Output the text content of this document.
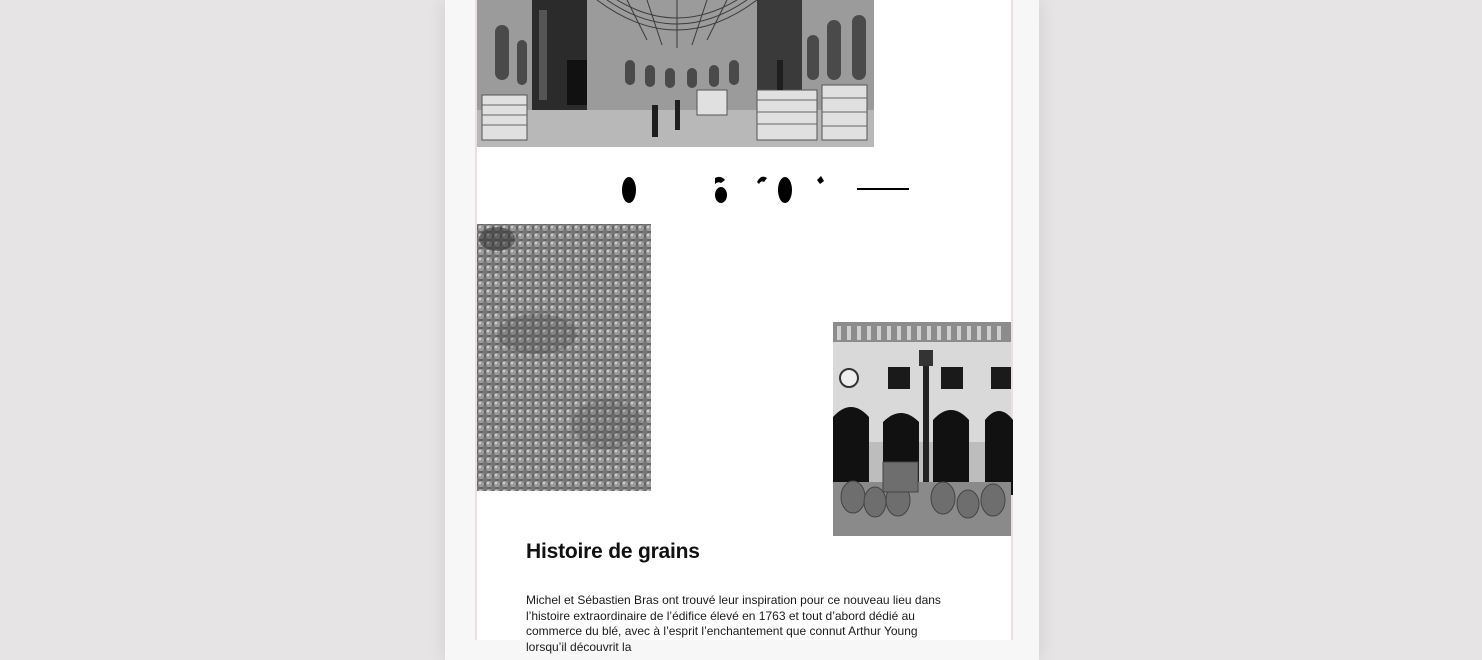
Histoire de grains

Michel et Sébastien Bras ont trouvé leur inspiration pour ce nouveau lieu dans l’histoire extraordinaire de l’édifice élevé en 1763 et tout d’abord dédié au commerce du blé, avec à l’esprit l’enchantement que connut Arthur Young lorsqu’il découvrit la
